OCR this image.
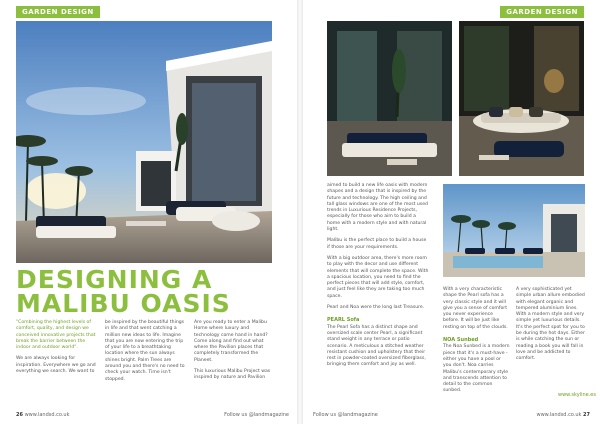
GARDEN DESIGN
DESIGNING A MALIBU OASIS

"Combining the highest levels of comfort, quality, and design we conceived innovative projects that break the barrier between the indoor and outdoor world".

We are always looking for inspiration. Everywhere we go and everything we search. We want to

be inspired by the beautiful things in life and that went catching a million new ideas to life. Imagine that you are now entering the trip of your life to a breathtaking location where the sun always shines bright. Palm Trees are around you and there's no need to check your watch. Time isn't stopped.

Are you ready to enter a Malibu Home where luxury and technology come hand in hand? Come along and find out what where the Pavilion places that completely transformed the Planeet.

This luxurious Malibu Project was inspired by nature and Pavilion

26 www.landsd.co.uk	Follow us @landmagazine
GARDEN DESIGN

aimed to build a new life oasis with modern shapes and a design that is inspired by the future and technology. The high ceiling and tall glass windows are one of the most used trends in Luxurious Residence Projects, especially for those who aim to build a home with a modern style and with natural light.

Malibu is the perfect place to build a house if those are your requirements.

With a big outdoor area, there's more room to play with the decor and use different elements that will complete the space. With a spacious location, you need to find the perfect pieces that will add style, comfort, and just feel like they are taking too much space.

Pearl and Noa were the long last Treasure.

PEARL Sofa

The Pearl Sofa has a distinct shape and oversized scale center Pearl, a significant stand weight in any terrace or patio scenario. A meticulous a stitched weather resistant cushion and upholstery that their rest in powder-coated oversized fiberglass, bringing them comfort and joy as well.

With a very characteristic shape the Pearl sofa has a very classic style and it will give you a sense of comfort you never experience before. It will be just like resting on top of the clouds.

NOA Sunbed

The Noa Sunbed is a modern piece that it's a must-have - either you have a pool or you don't. Noa carries Malibu's contemporary style and transcends attention to detail to the common sunbed.

A very sophisticated yet simple urban allure embodied with elegant organic and tempered aluminium lines. With a modern style and very simple yet luxurious details. It's the perfect spot for you to be during the hot days. Either is while catching the sun or reading a book you will fall in love and be addicted to comfort.

www.skyline.es
Follow us @landmagazine	www.landsd.co.uk 27
